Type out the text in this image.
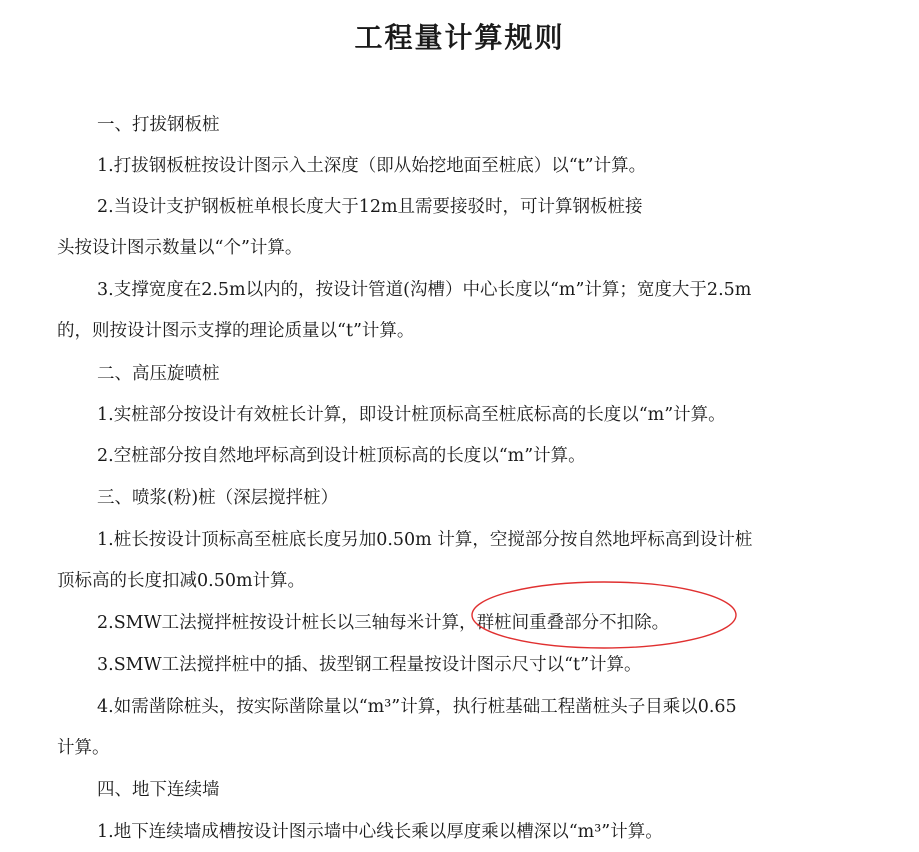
工程量计算规则

一、打拔钢板桩

1.打拔钢板桩按设计图示入土深度（即从始挖地面至桩底）以“t”计算。

2.当设计支护钢板桩单根长度大于12m且需要接驳时，可计算钢板桩接

头按设计图示数量以“个”计算。

3.支撑宽度在2.5m以内的，按设计管道(沟槽）中心长度以“m”计算；宽度大于2.5m

的，则按设计图示支撑的理论质量以“t”计算。

二、高压旋喷桩

1.实桩部分按设计有效桩长计算，即设计桩顶标高至桩底标高的长度以“m”计算。

2.空桩部分按自然地坪标高到设计桩顶标高的长度以“m”计算。

三、喷浆(粉)桩（深层搅拌桩）

1.桩长按设计顶标高至桩底长度另加0.50m 计算，空搅部分按自然地坪标高到设计桩

顶标高的长度扣减0.50m计算。

2.SMW工法搅拌桩按设计桩长以三轴每米计算，群桩间重叠部分不扣除。

3.SMW工法搅拌桩中的插、拔型钢工程量按设计图示尺寸以“t”计算。

4.如需凿除桩头，按实际凿除量以“m³”计算，执行桩基础工程凿桩头子目乘以0.65

计算。

四、地下连续墙

1.地下连续墙成槽按设计图示墙中心线长乘以厚度乘以槽深以“m³”计算。
